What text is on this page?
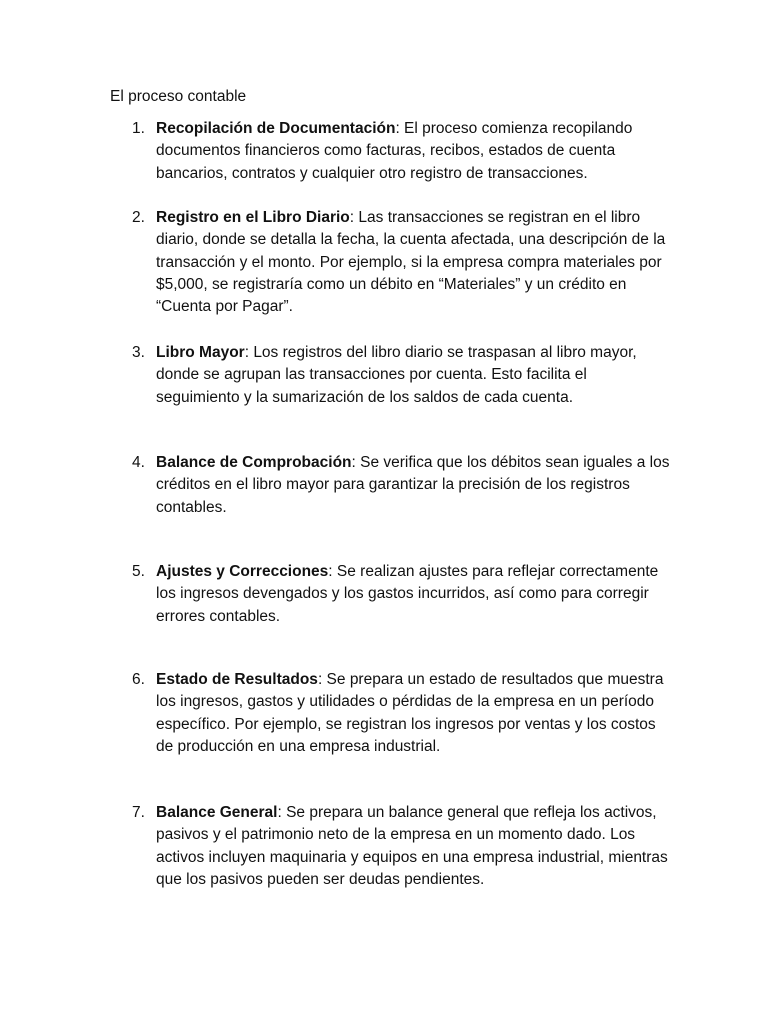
El proceso contable
1. Recopilación de Documentación: El proceso comienza recopilando documentos financieros como facturas, recibos, estados de cuenta bancarios, contratos y cualquier otro registro de transacciones.
2. Registro en el Libro Diario: Las transacciones se registran en el libro diario, donde se detalla la fecha, la cuenta afectada, una descripción de la transacción y el monto. Por ejemplo, si la empresa compra materiales por $5,000, se registraría como un débito en “Materiales” y un crédito en “Cuenta por Pagar”.
3. Libro Mayor: Los registros del libro diario se traspasan al libro mayor, donde se agrupan las transacciones por cuenta. Esto facilita el seguimiento y la sumarización de los saldos de cada cuenta.
4. Balance de Comprobación: Se verifica que los débitos sean iguales a los créditos en el libro mayor para garantizar la precisión de los registros contables.
5. Ajustes y Correcciones: Se realizan ajustes para reflejar correctamente los ingresos devengados y los gastos incurridos, así como para corregir errores contables.
6. Estado de Resultados: Se prepara un estado de resultados que muestra los ingresos, gastos y utilidades o pérdidas de la empresa en un período específico. Por ejemplo, se registran los ingresos por ventas y los costos de producción en una empresa industrial.
7. Balance General: Se prepara un balance general que refleja los activos, pasivos y el patrimonio neto de la empresa en un momento dado. Los activos incluyen maquinaria y equipos en una empresa industrial, mientras que los pasivos pueden ser deudas pendientes.
